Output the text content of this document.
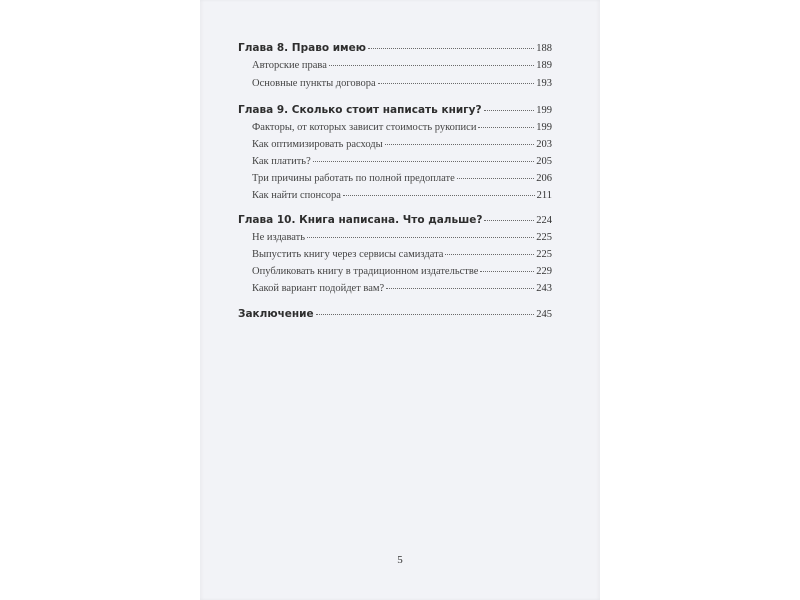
Глава 8. Право имею	188
Авторские права	189
Основные пункты договора	193
Глава 9. Сколько стоит написать книгу?	199
Факторы, от которых зависит стоимость рукописи	199
Как оптимизировать расходы	203
Как платить?	205
Три причины работать по полной предоплате	206
Как найти спонсора	211
Глава 10. Книга написана. Что дальше?	224
Не издавать	225
Выпустить книгу через сервисы самиздата	225
Опубликовать книгу в традиционном издательстве	229
Какой вариант подойдет вам?	243
Заключение	245
5
